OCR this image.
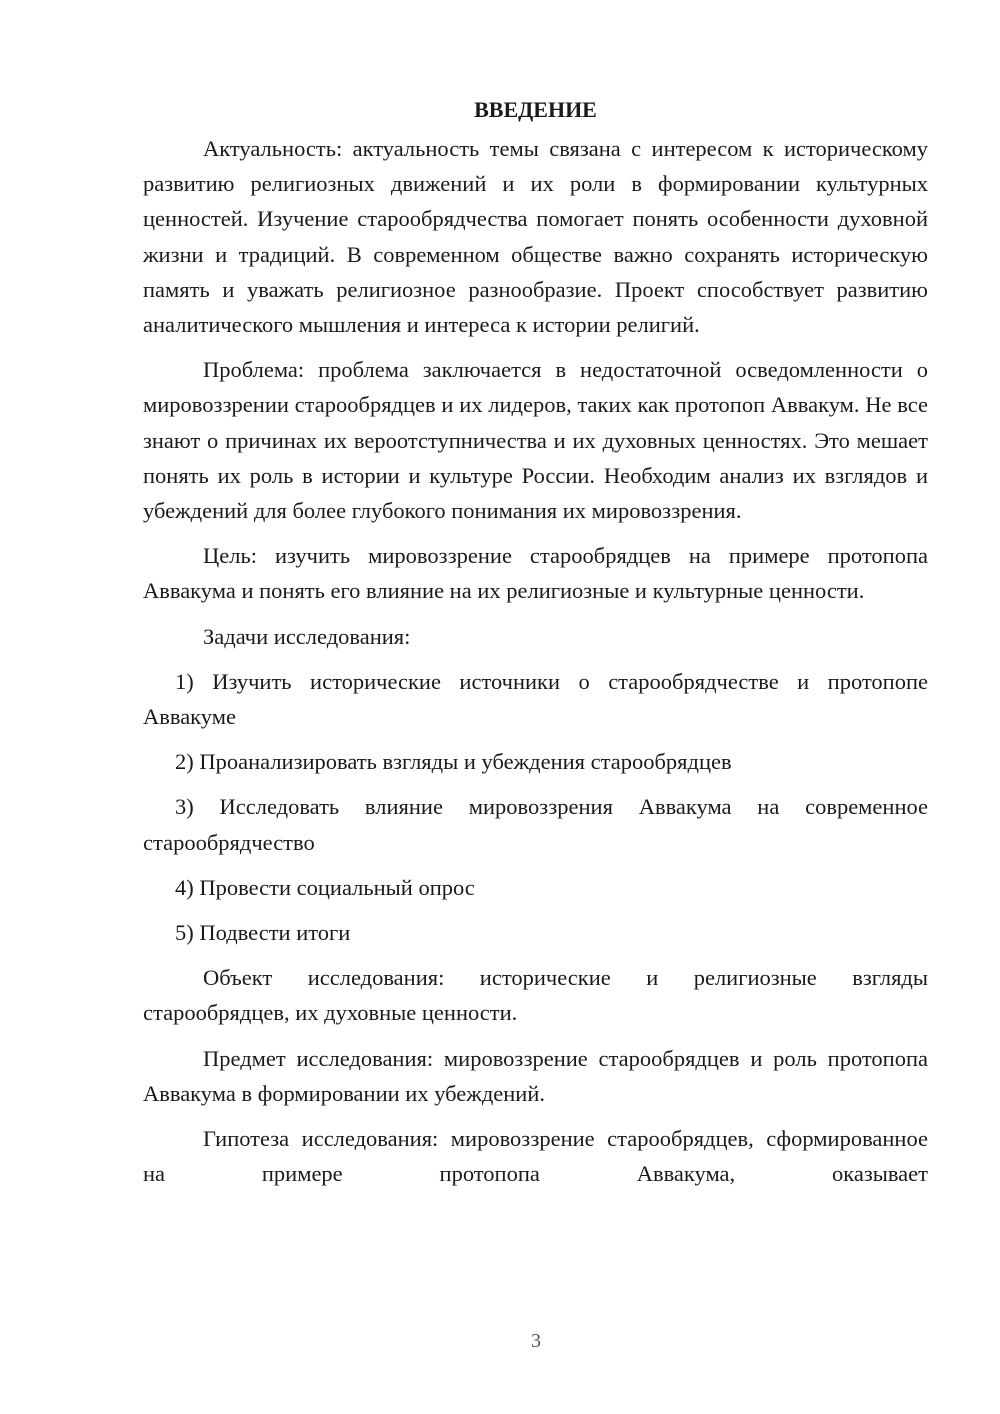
ВВЕДЕНИЕ

Актуальность: актуальность темы связана с интересом к историческому развитию религиозных движений и их роли в формировании культурных ценностей. Изучение старообрядчества помогает понять особенности духовной жизни и традиций. В современном обществе важно сохранять историческую память и уважать религиозное разнообразие. Проект способствует развитию аналитического мышления и интереса к истории религий.

Проблема: проблема заключается в недостаточной осведомленности о мировоззрении старообрядцев и их лидеров, таких как протопоп Аввакум. Не все знают о причинах их вероотступничества и их духовных ценностях. Это мешает понять их роль в истории и культуре России. Необходим анализ их взглядов и убеждений для более глубокого понимания их мировоззрения.

Цель: изучить мировоззрение старообрядцев на примере протопопа Аввакума и понять его влияние на их религиозные и культурные ценности.

Задачи исследования:

1) Изучить исторические источники о старообрядчестве и протопопе Аввакуме

2) Проанализировать взгляды и убеждения старообрядцев

3) Исследовать влияние мировоззрения Аввакума на современное старообрядчество

4) Провести социальный опрос

5) Подвести итоги

Объект исследования: исторические и религиозные взгляды старообрядцев, их духовные ценности.

Предмет исследования: мировоззрение старообрядцев и роль протопопа Аввакума в формировании их убеждений.

Гипотеза исследования: мировоззрение старообрядцев, сформированное на примере протопопа Аввакума, оказывает

3
